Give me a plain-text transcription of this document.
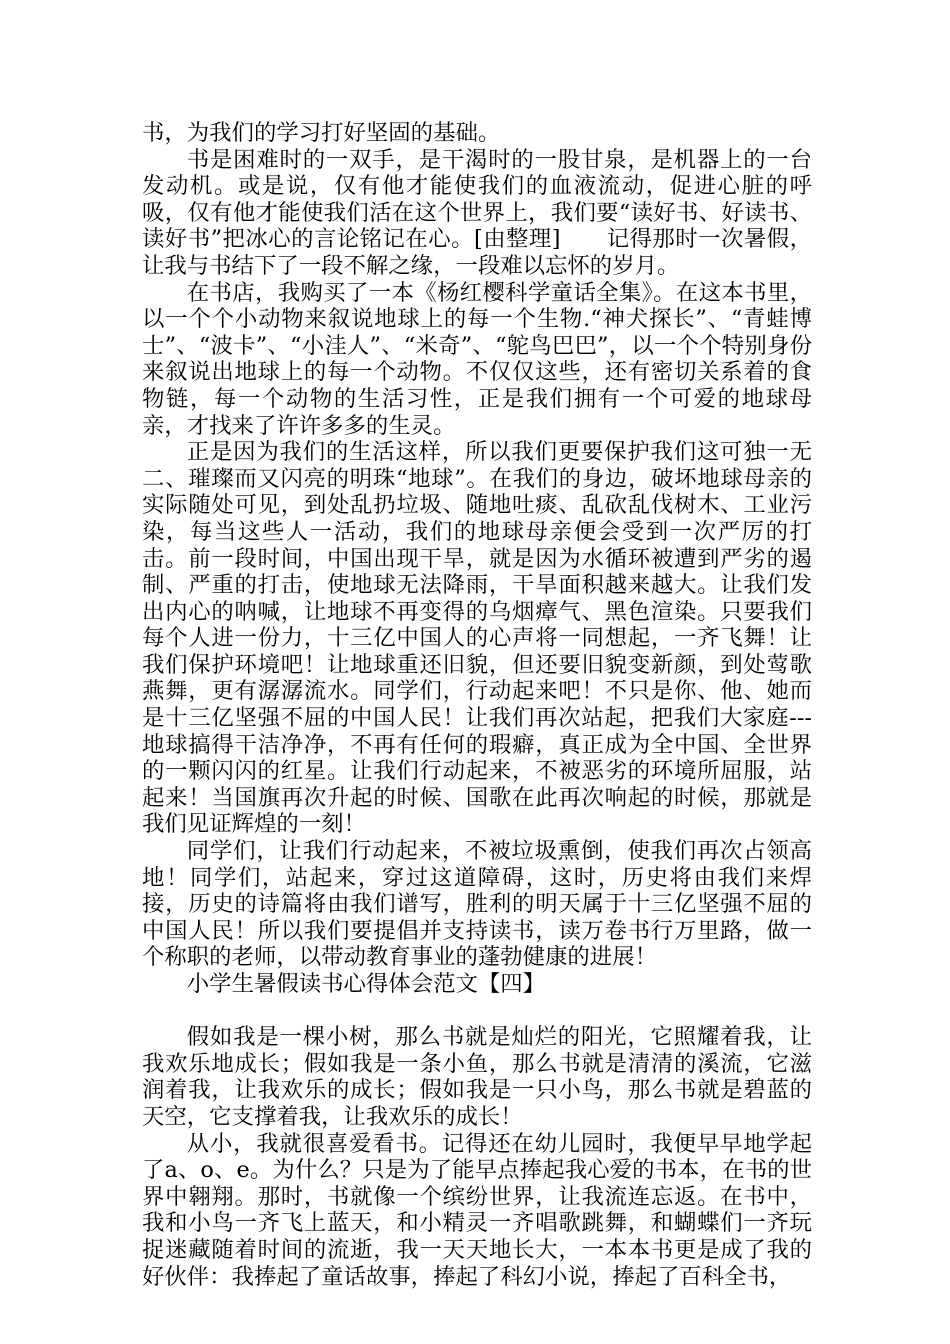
书，为我们的学习打好坚固的基础。

书是困难时的一双手，是干渴时的一股甘泉，是机器上的一台发动机。或是说，仅有他才能使我们的血液流动，促进心脏的呼吸，仅有他才能使我们活在这个世界上，我们要“读好书、好读书、读好书”把冰心的言论铭记在心。[由整理]　　记得那时一次暑假，让我与书结下了一段不解之缘，一段难以忘怀的岁月。

在书店，我购买了一本《杨红樱科学童话全集》。在这本书里，以一个个小动物来叙说地球上的每一个生物.“神犬探长”、“青蛙博士”、“波卡”、“小洼人”、“米奇”、“鸵鸟巴巴”，以一个个特别身份来叙说出地球上的每一个动物。不仅仅这些，还有密切关系着的食物链，每一个动物的生活习性，正是我们拥有一个可爱的地球母亲，才找来了许许多多的生灵。

正是因为我们的生活这样，所以我们更要保护我们这可独一无二、璀璨而又闪亮的明珠“地球”。在我们的身边，破坏地球母亲的实际随处可见，到处乱扔垃圾、随地吐痰、乱砍乱伐树木、工业污染，每当这些人一活动，我们的地球母亲便会受到一次严厉的打击。前一段时间，中国出现干旱，就是因为水循环被遭到严劣的遏制、严重的打击，使地球无法降雨，干旱面积越来越大。让我们发出内心的呐喊，让地球不再变得的乌烟瘴气、黑色渲染。只要我们每个人进一份力，十三亿中国人的心声将一同想起，一齐飞舞！让我们保护环境吧！让地球重还旧貌，但还要旧貌变新颜，到处莺歌燕舞，更有潺潺流水。同学们，行动起来吧！不只是你、他、她而是十三亿坚强不屈的中国人民！让我们再次站起，把我们大家庭---地球搞得干洁净净，不再有任何的瑕癖，真正成为全中国、全世界的一颗闪闪的红星。让我们行动起来，不被恶劣的环境所屈服，站起来！当国旗再次升起的时候、国歌在此再次响起的时候，那就是我们见证辉煌的一刻！

同学们，让我们行动起来，不被垃圾熏倒，使我们再次占领高地！同学们，站起来，穿过这道障碍，这时，历史将由我们来焊接，历史的诗篇将由我们谱写，胜利的明天属于十三亿坚强不屈的中国人民！所以我们要提倡并支持读书，读万卷书行万里路，做一个称职的老师，以带动教育事业的蓬勃健康的进展！

小学生暑假读书心得体会范文【四】

假如我是一棵小树，那么书就是灿烂的阳光，它照耀着我，让我欢乐地成长；假如我是一条小鱼，那么书就是清清的溪流，它滋润着我，让我欢乐的成长；假如我是一只小鸟，那么书就是碧蓝的天空，它支撑着我，让我欢乐的成长！

从小，我就很喜爱看书。记得还在幼儿园时，我便早早地学起了a、o、e。为什么？只是为了能早点捧起我心爱的书本，在书的世界中翱翔。那时，书就像一个缤纷世界，让我流连忘返。在书中，我和小鸟一齐飞上蓝天，和小精灵一齐唱歌跳舞，和蝴蝶们一齐玩捉迷藏随着时间的流逝，我一天天地长大，一本本书更是成了我的好伙伴：我捧起了童话故事，捧起了科幻小说，捧起了百科全书，
